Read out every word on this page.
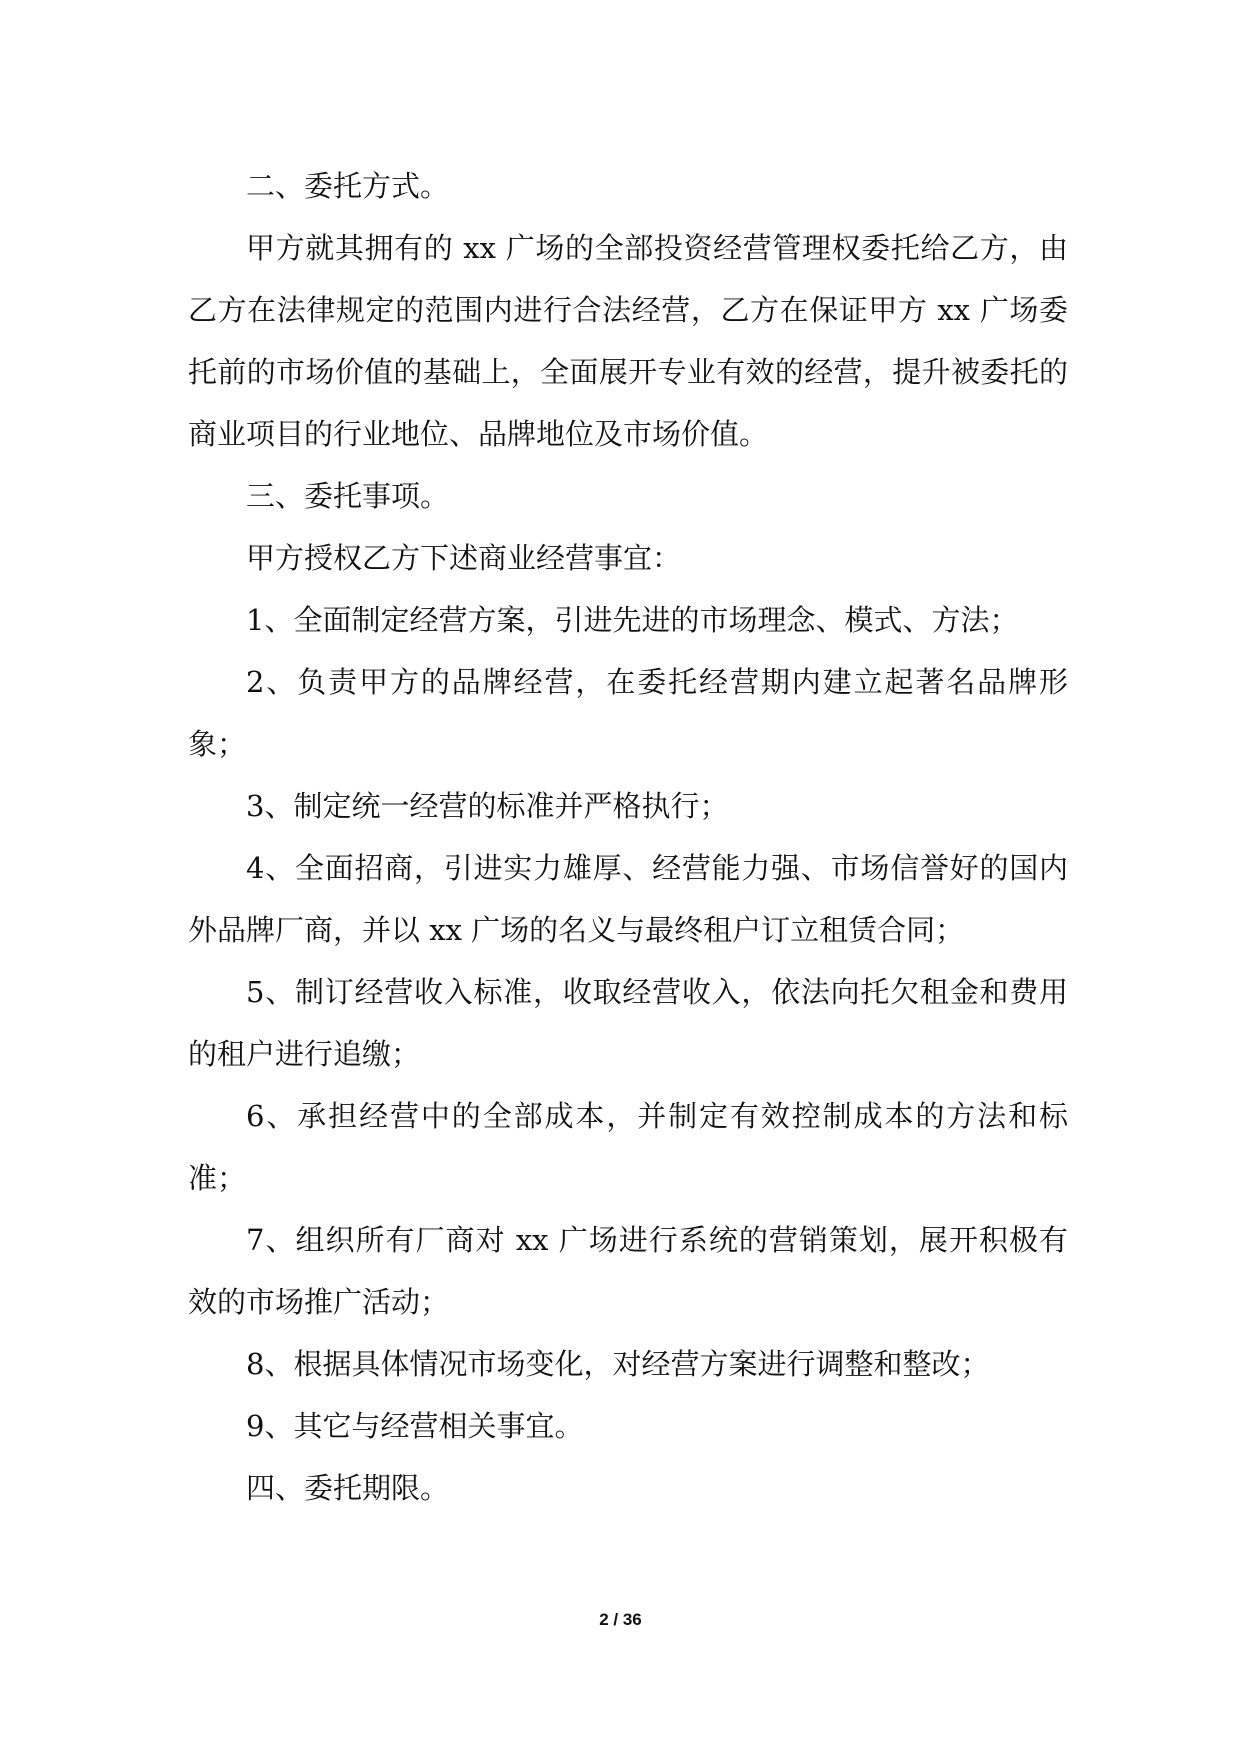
二、委托方式。

甲方就其拥有的 xx 广场的全部投资经营管理权委托给乙方，由乙方在法律规定的范围内进行合法经营，乙方在保证甲方 xx 广场委托前的市场价值的基础上，全面展开专业有效的经营，提升被委托的商业项目的行业地位、品牌地位及市场价值。

三、委托事项。

甲方授权乙方下述商业经营事宜：

1、全面制定经营方案，引进先进的市场理念、模式、方法；

2、负责甲方的品牌经营，在委托经营期内建立起著名品牌形象；

3、制定统一经营的标准并严格执行；

4、全面招商，引进实力雄厚、经营能力强、市场信誉好的国内外品牌厂商，并以 xx 广场的名义与最终租户订立租赁合同；

5、制订经营收入标准，收取经营收入，依法向托欠租金和费用的租户进行追缴；

6、承担经营中的全部成本，并制定有效控制成本的方法和标准；

7、组织所有厂商对 xx 广场进行系统的营销策划，展开积极有效的市场推广活动；

8、根据具体情况市场变化，对经营方案进行调整和整改；

9、其它与经营相关事宜。

四、委托期限。

2 / 36
